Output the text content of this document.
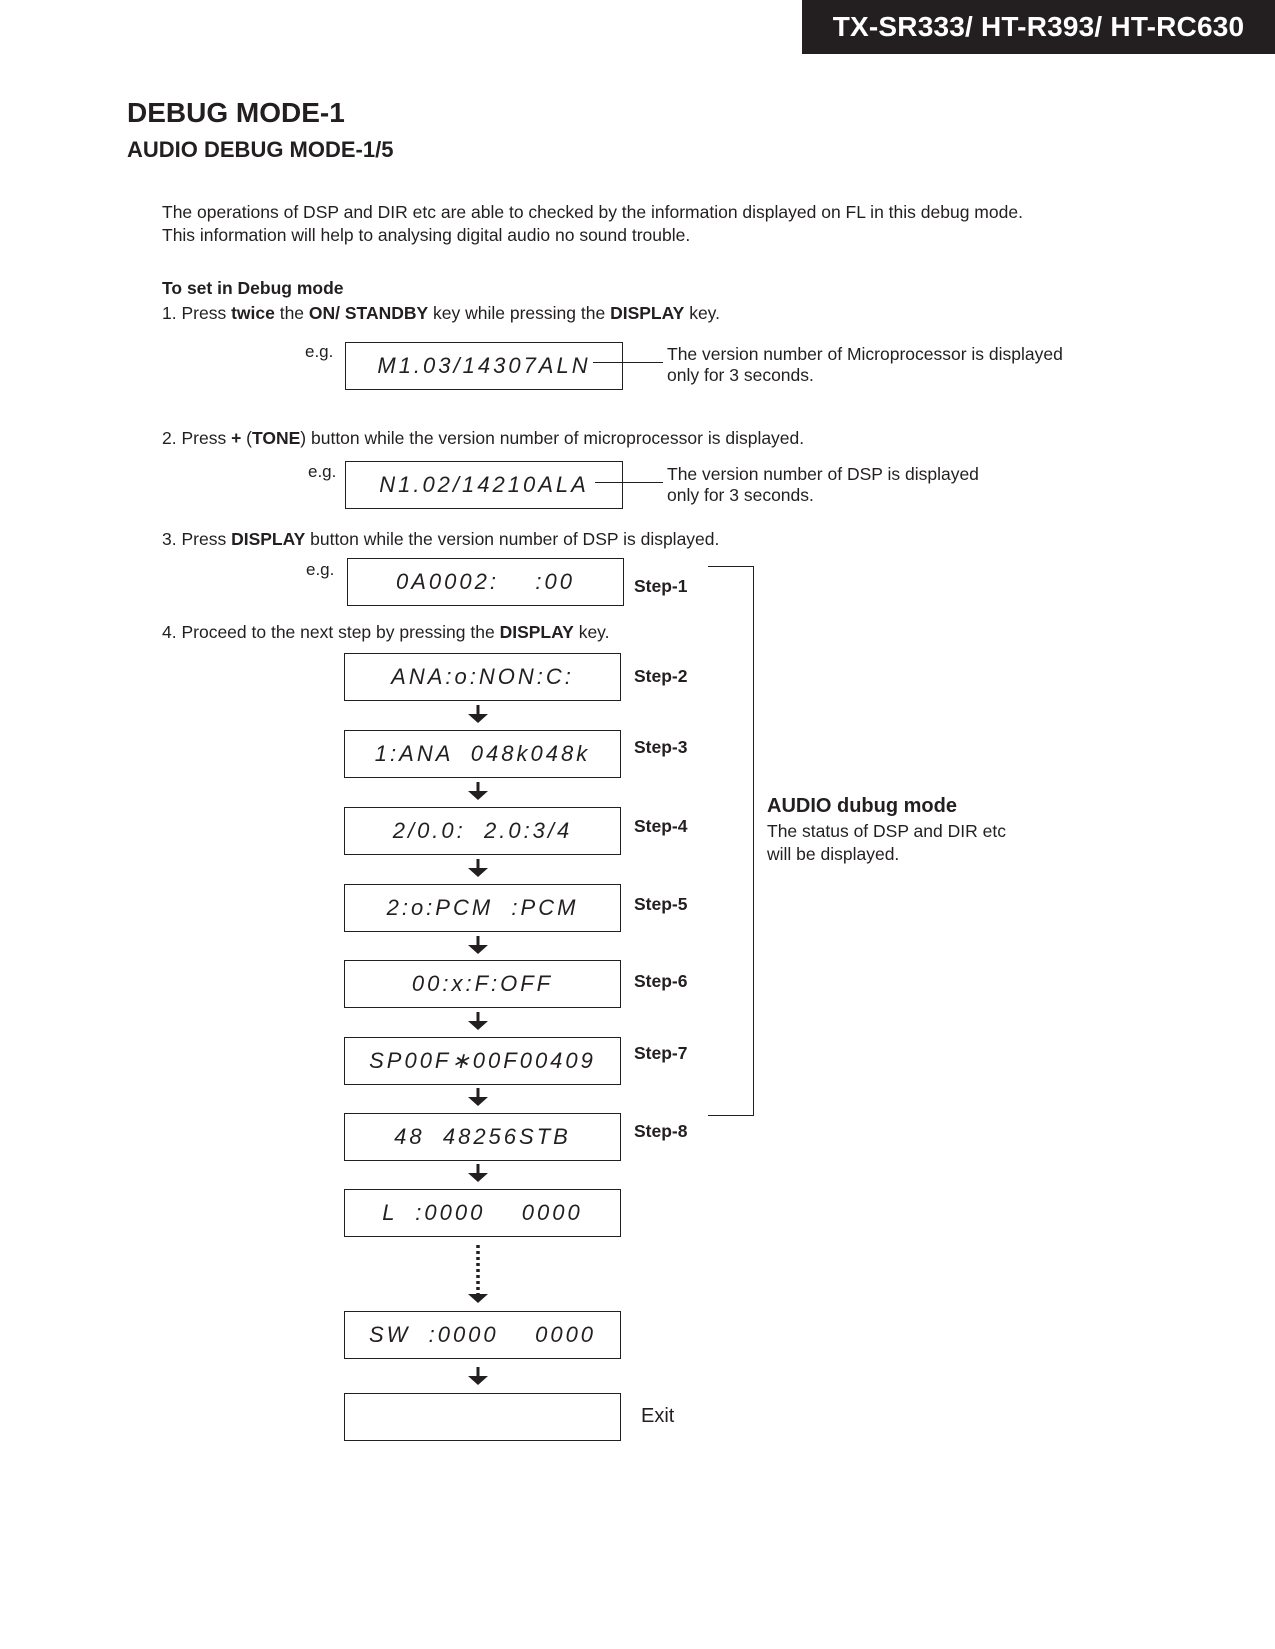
TX-SR333/ HT-R393/ HT-RC630
DEBUG MODE-1
AUDIO DEBUG MODE-1/5

The operations of DSP and DIR etc are able to checked by the information displayed on FL in this debug mode.

This information will help to analysing digital audio no sound trouble.

To set in Debug mode
1. Press twice the ON/ STANDBY key while pressing the DISPLAY key.
e.g.
M1.03/14307ALN	The version number of Microprocessor is displayed

only for 3 seconds.

2. Press + (TONE) button while the version number of microprocessor is displayed.
e.g.
N1.02/14210ALA	The version number of DSP is displayed

only for 3 seconds.

3. Press DISPLAY button while the version number of DSP is displayed.
e.g.	0A0002:    :00	Step-1
4. Proceed to the next step by pressing the DISPLAY key.
ANA:o:NON:C:	Step-2
1:ANA  048k048k	Step-3
2/0.0:  2.0:3/4	Step-4
2:o:PCM  :PCM	Step-5
00:x:F:OFF	Step-6
SP00F∗00F00409	Step-7
48  48256STB	Step-8
L  :0000    0000
SW  :0000    0000
Exit

AUDIO dubug mode

The status of DSP and DIR etc

will be displayed.
